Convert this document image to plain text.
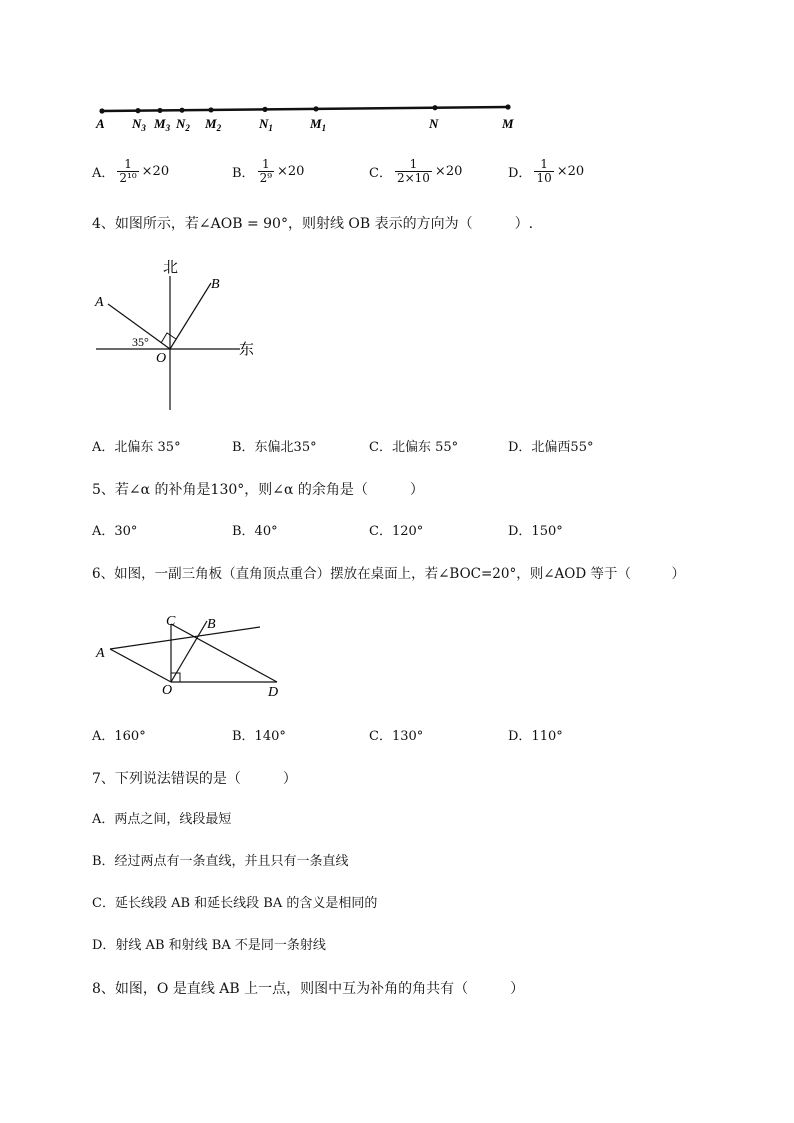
A $N_3$ $M_3$ $N_2$ $M_2$	$N_1$	$M_1$	N	M
A． $\frac{1}{\text{2¹⁰}} \times 20$	B． $\frac{1}{\text{2⁹}} \times 20$	C． $\frac{1}{2\times 10} \times 20$	D． $\frac{1}{10} \times 20$
4、如图所示，若∠AOB = 90°，则射线 OB 表示的方向为（　　　）.
北
东
A
B
O
35°
A．北偏东 35°	B．东偏北35°	C．北偏东 55°	D．北偏西55°
5、若∠α 的补角是130°，则∠α 的余角是（　　　）
A．30°	B．40°	C．120°	D．150°
6、如图，一副三角板（直角顶点重合）摆放在桌面上，若∠BOC=20°，则∠AOD 等于（　　　）
A
B
C
D
O
A．160°	B．140°	C．130°	D．110°
7、下列说法错误的是（　　　）
A．两点之间，线段最短
B．经过两点有一条直线，并且只有一条直线
C．延长线段 AB 和延长线段 BA 的含义是相同的
D．射线 AB 和射线 BA 不是同一条射线
8、如图，O 是直线 AB 上一点，则图中互为补角的角共有（　　　）
